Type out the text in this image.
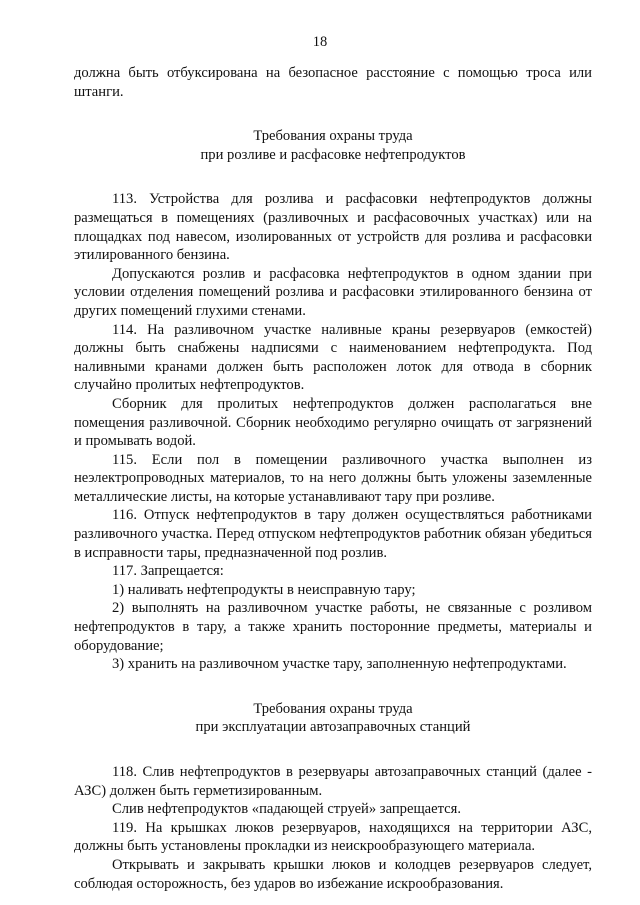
18

должна быть отбуксирована на безопасное расстояние с помощью троса или штанги.

Требования охраны труда
при розливе и расфасовке нефтепродуктов

113. Устройства для розлива и расфасовки нефтепродуктов должны размещаться в помещениях (разливочных и расфасовочных участках) или на площадках под навесом, изолированных от устройств для розлива и расфасовки этилированного бензина.

Допускаются розлив и расфасовка нефтепродуктов в одном здании при условии отделения помещений розлива и расфасовки этилированного бензина от других помещений глухими стенами.

114. На разливочном участке наливные краны резервуаров (емкостей) должны быть снабжены надписями с наименованием нефтепродукта. Под наливными кранами должен быть расположен лоток для отвода в сборник случайно пролитых нефтепродуктов.

Сборник для пролитых нефтепродуктов должен располагаться вне помещения разливочной. Сборник необходимо регулярно очищать от загрязнений и промывать водой.

115. Если пол в помещении разливочного участка выполнен из неэлектропроводных материалов, то на него должны быть уложены заземленные металлические листы, на которые устанавливают тару при розливе.

116. Отпуск нефтепродуктов в тару должен осуществляться работниками разливочного участка. Перед отпуском нефтепродуктов работник обязан убедиться в исправности тары, предназначенной под розлив.

117. Запрещается:

1) наливать нефтепродукты в неисправную тару;

2) выполнять на разливочном участке работы, не связанные с розливом нефтепродуктов в тару, а также хранить посторонние предметы, материалы и оборудование;

3) хранить на разливочном участке тару, заполненную нефтепродуктами.

Требования охраны труда
при эксплуатации автозаправочных станций

118. Слив нефтепродуктов в резервуары автозаправочных станций (далее - АЗС) должен быть герметизированным.

Слив нефтепродуктов «падающей струей» запрещается.

119. На крышках люков резервуаров, находящихся на территории АЗС, должны быть установлены прокладки из неискрообразующего материала.

Открывать и закрывать крышки люков и колодцев резервуаров следует, соблюдая осторожность, без ударов во избежание искрообразования.
